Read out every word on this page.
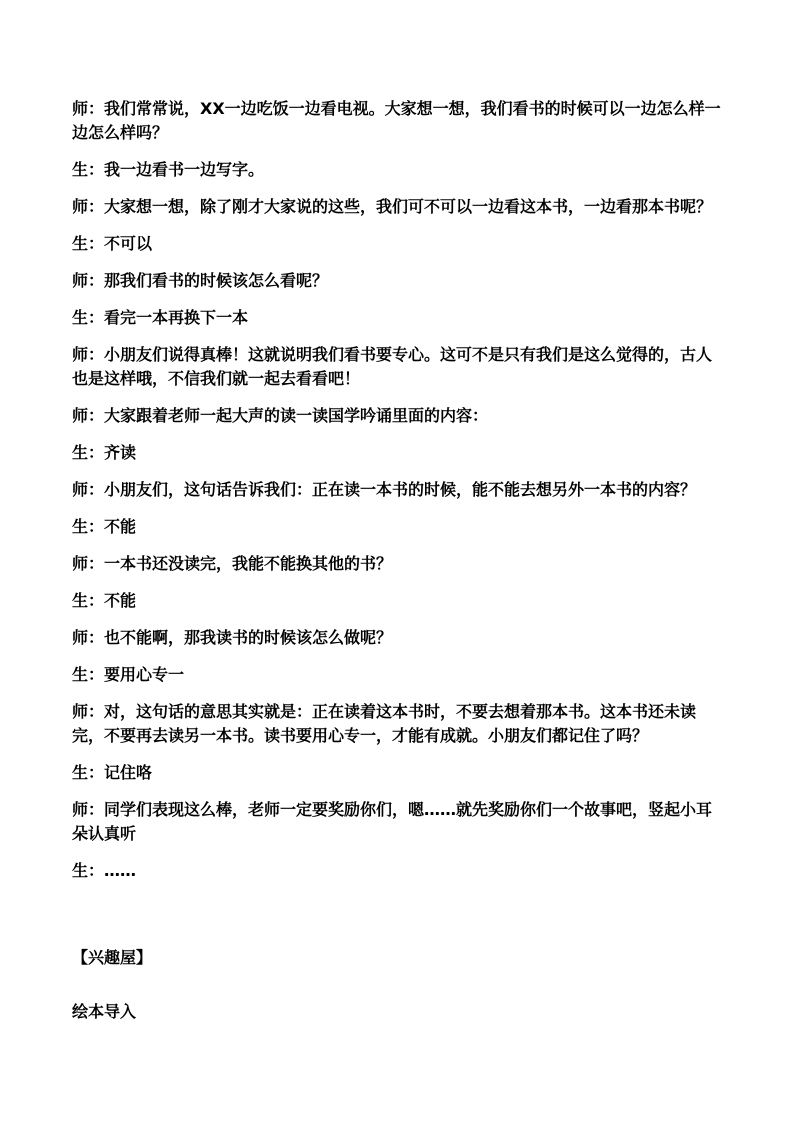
师：我们常常说，XX一边吃饭一边看电视。大家想一想，我们看书的时候可以一边怎么样一边怎么样吗？

生：我一边看书一边写字。

师：大家想一想，除了刚才大家说的这些，我们可不可以一边看这本书，一边看那本书呢？

生：不可以

师：那我们看书的时候该怎么看呢？

生：看完一本再换下一本

师：小朋友们说得真棒！这就说明我们看书要专心。这可不是只有我们是这么觉得的，古人也是这样哦，不信我们就一起去看看吧！

师：大家跟着老师一起大声的读一读国学吟诵里面的内容：

生：齐读

师：小朋友们，这句话告诉我们：正在读一本书的时候，能不能去想另外一本书的内容？

生：不能

师：一本书还没读完，我能不能换其他的书？

生：不能

师：也不能啊，那我读书的时候该怎么做呢？

生：要用心专一

师：对，这句话的意思其实就是：正在读着这本书时，不要去想着那本书。这本书还未读完，不要再去读另一本书。读书要用心专一，才能有成就。小朋友们都记住了吗？

生：记住咯

师：同学们表现这么棒，老师一定要奖励你们，嗯……就先奖励你们一个故事吧，竖起小耳朵认真听

生：……

【兴趣屋】

绘本导入
